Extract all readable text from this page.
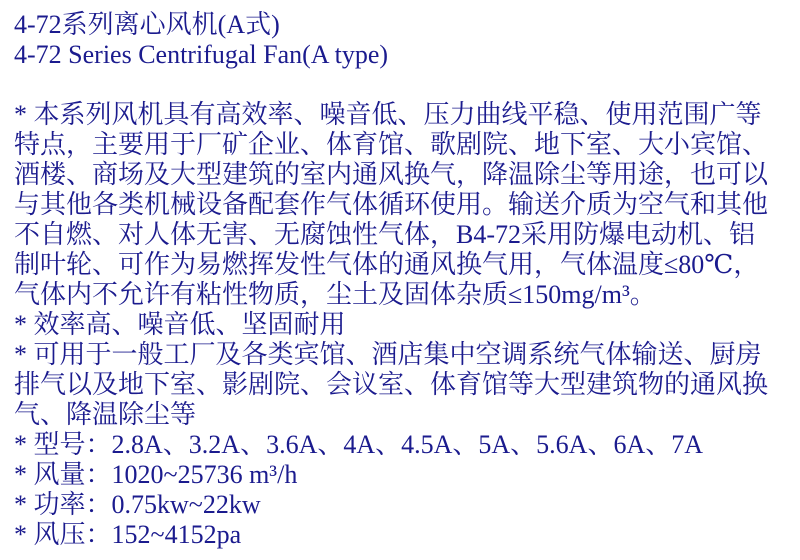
4-72系列离心风机(A式)
4-72 Series Centrifugal Fan(A type)
* 本系列风机具有高效率、噪音低、压力曲线平稳、使用范围广等
特点，主要用于厂矿企业、体育馆、歌剧院、地下室、大小宾馆、
酒楼、商场及大型建筑的室内通风换气，降温除尘等用途，也可以
与其他各类机械设备配套作气体循环使用。输送介质为空气和其他
不自燃、对人体无害、无腐蚀性气体，B4-72采用防爆电动机、铝
制叶轮、可作为易燃挥发性气体的通风换气用，气体温度≤80℃，
气体内不允许有粘性物质，尘土及固体杂质≤150mg/m³。
* 效率高、噪音低、坚固耐用
* 可用于一般工厂及各类宾馆、酒店集中空调系统气体输送、厨房
排气以及地下室、影剧院、会议室、体育馆等大型建筑物的通风换
气、降温除尘等
* 型号：2.8A、3.2A、3.6A、4A、4.5A、5A、5.6A、6A、7A
* 风量：1020~25736 m³/h
* 功率：0.75kw~22kw
* 风压：152~4152pa
